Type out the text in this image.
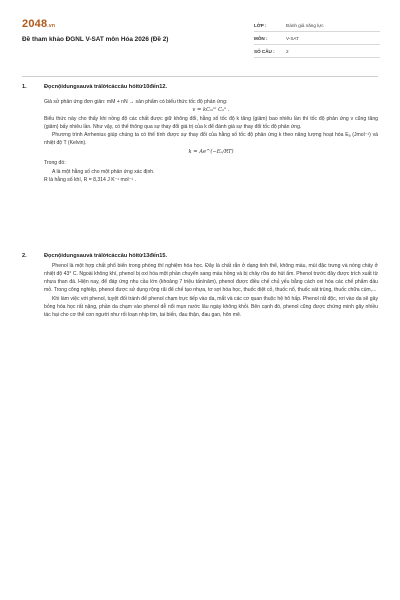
2048.vn
Đề tham khảo ĐGNL V-SAT môn Hóa 2026 (Đề 2)
LỚP :	Đánh giá năng lực
MÔN :	V-SAT
SỐ CÂU :	2
1.	Đọcnộidungsauvà trảlờicáccâu hỏitừ10đến12.

Giả sử phản ứng đơn giản: mM + nN → sản phẩm có biểu thức tốc độ phản ứng:

v = kCₘᵐ Cₙⁿ .

Biểu thức này cho thấy khi nồng độ các chất được giữ không đổi, hằng số tốc độ k tăng (giảm) bao nhiêu lần thì tốc độ phản ứng v cũng tăng (giảm) bấy nhiêu lần. Như vậy, có thể thông qua sự thay đổi giá trị của k để đánh giá sự thay đổi tốc độ phản ứng.

Phương trình Arrhenius giúp chúng ta có thể tính được sự thay đổi của hằng số tốc độ phản ứng k theo năng lượng hoạt hóa Eₐ (Jmol⁻¹) và nhiệt độ T (Kelvin).

k = Ae^(−Eₐ/RT)

Trong đó:

A là một hằng số cho một phản ứng xác định.

R là hằng số khí, R = 8,314 J K⁻¹ mol⁻¹ .

2.	Đọcnộidungsauvà trảlờicáccâu hỏitừ13đến15.

Phenol là một hợp chất phổ biến trong phòng thí nghiệm hóa học. Đây là chất rắn ở dạng tinh thể, không màu, mùi đặc trưng và nóng chảy ở nhiệt độ 43° C. Ngoài không khí, phenol bị oxi hóa một phần chuyển sang màu hồng và bị chảy rữa do hút ẩm. Phenol trước đây được trích xuất từ nhựa than đá. Hiện nay, để đáp ứng nhu cầu lớn (khoảng 7 triệu tấn/năm), phenol được điều chế chủ yếu bằng cách oxi hóa các chế phẩm dầu mỏ. Trong công nghiệp, phenol được sử dụng rộng rãi để chế tạo nhựa, tơ sợi hóa học, thuốc diệt cỏ, thuốc nổ, thuốc sát trùng, thuốc chữa cúm,...

Khi làm việc với phenol, tuyệt đối tránh để phenol chạm trực tiếp vào da, mắt và các cơ quan thuộc hệ hô hấp. Phenol rất độc, rơi vào da sẽ gây bỏng hóa học rất nặng, phần da chạm vào phenol dễ nổi mụn nước lâu ngày không khỏi. Bên cạnh đó, phenol cũng được chứng minh gây nhiều tác hại cho cơ thể con người như rối loạn nhịp tim, tai biến, đau thận, đau gan, hôn mê.
